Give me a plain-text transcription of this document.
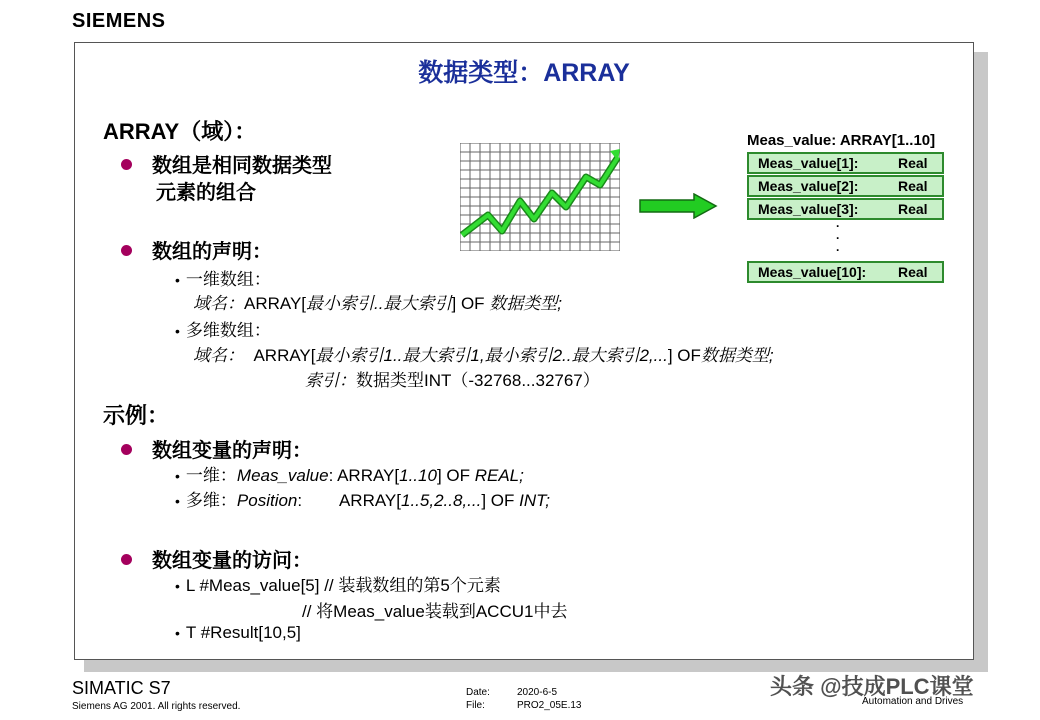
SIEMENS
数据类型：ARRAY
ARRAY（域）：
数组是相同数据类型
元素的组合
数组的声明：
• 一维数组：
域名：ARRAY[最小索引..最大索引] OF 数据类型;
• 多维数组：
域名： ARRAY[最小索引1..最大索引1,最小索引2..最大索引2,...] OF数据类型;
索引：数据类型INT（-32768...32767）
示例：
数组变量的声明：
• 一维：Meas_value: ARRAY[1..10] OF REAL;
• 多维：Position:        ARRAY[1..5,2..8,...] OF INT;
数组变量的访问：
• L #Meas_value[5] // 装载数组的第5个元素
// 将Meas_value装载到ACCU1中去
• T #Result[10,5]
Meas_value: ARRAY[1..10]
Meas_value[1]:	Real
Meas_value[2]:	Real
Meas_value[3]:	Real
·
·
·
Meas_value[10]: Real
SIMATIC S7
Siemens AG 2001. All rights reserved.
Date:	2020-6-5
File:	PRO2_05E.13	Automation and Drives
头条 @技成PLC课堂
